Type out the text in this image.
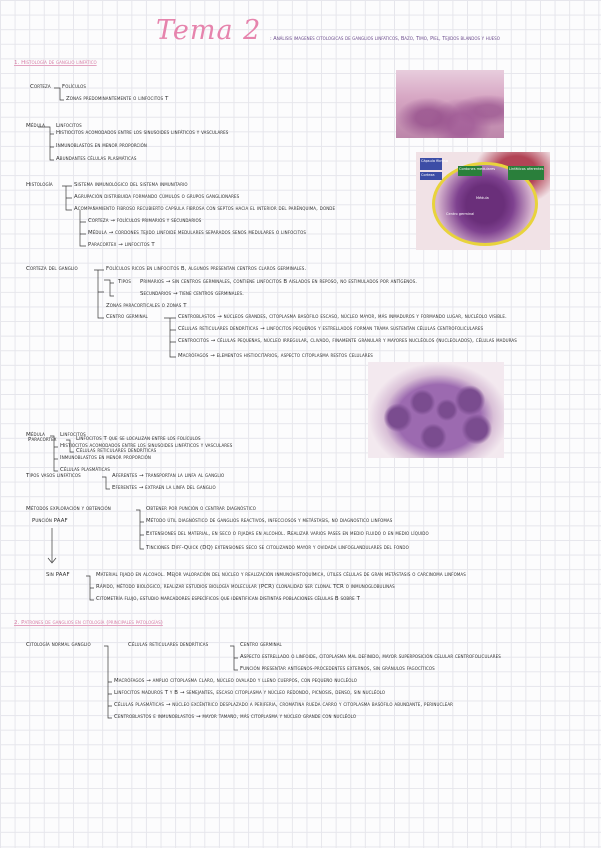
Tema 2 : Análisis imagenes citologicas de ganglios linfaticos, Bazo, Timo, Piel, Tejidos blandos y hueso
1. Histología de ganglio linfático
Corteza Folículos
Zonas predominantemente o linfocitos T
Médula Linfocitos
Histiocitos acomodados entre los sinusoides linfáticos y vasculares
Inmunoblastos en menor proporción
Abundantes células plasmáticas
Histología	Sistema inmunológico del sistema inmunitario
Agrupación distribuida formando cúmulos o grupos ganglionares
Acompañamiento fibroso recubierto capsula fibrosa con septos hacia el interior del parénquima, donde
Corteza → folículos primarios y secundarios
Médula → cordones tejido linfoide medulares separados senos medulares o linfocitos
Paracortex → linfocitos T
Cápsula fibrosa
Corteza
Cordones medulares	Linfáticos aferentes
Médula
Centro germinal
Corteza del ganglio	Folículos ricos en linfocitos B, algunos presentan centros claros germinales.
Tipos Primarios → sin centros germinales, contiene linfocitos B aislados en reposo, no estimulados por antígenos.
Secundarios → tiene centros germinales.
Zonas paracorticales o zonas T
Centro germinal	Centroblastos → núcleos grandes, citoplasma basófilo escaso, núcleo mayor, más inmaduros y formando lugar, nucléolo visible.
Células reticulares dendríticas → linfocitos pequeños y estrellados forman trama sustentan células centrofoliculares
Centrocitos → células pequeñas, núcleo irregular, clivado, finamente granular y mayores nucléolos (nucleolados), células maduras
Macrófagos → elementos histiocitarios, aspecto citoplasma restos celulares
Médula	Linfocitos
Histiocitos acomodados entre los sinusoides linfáticos y vasculares
Inmunoblastos en menor proporción
Células plasmáticas
Paracortex	Linfocitos T que se localizan entre los folículos
Células reticulares dendríticas
Tipos vasos linfáticos	Aferentes → transportan la linfa al ganglio
Eferentes → extraen la linfa del ganglio
Métodos exploración y obtención
Punción PAAF
Obtener por punción o centrar diagnóstico
Método útil diagnóstico de ganglios reactivos, infecciosos y metástasis, no diagnostico linfomas
Extensiones del material, en seco o fijadas en alcohol. Realizar varios pases en medio fluido o en medio líquido
Tinciones Diff-Quick (DQ) extensiones seco se citolizando mayor y ovidada linfoglandulares del fondo
Sin PAAF	Material fijado en alcohol. Mejor valoración del núcleo y realización inmunohistoquímica, útiles células de gran metástasis o carcinoma linfomas
Rápido, método biológico, realizar estudios biología molecular (PCR) clonalidad ser clonal TCR o inmunoglobulinas
Citometría flujo, estudio marcadores específicos que identifican distintas poblaciones células B sobre T
2. Patrones de ganglios en citología (principales patologías)
Citología normal ganglio	Células reticulares dendríticas	Centro germinal
Aspecto estrellado o linfoide, citoplasma mal definido, mayor superposición celular centrofoliculares
Función presentar antígenos-procedentes externos, sin gránulos fagocíticos
Macrófagos → amplio citoplasma claro, núcleo ovalado y lleno cuerpos, con pequeño nucléolo
Linfocitos maduros T y B → semejantes, escaso citoplasma y núcleo redondo, picnosis, denso, sin nucléolo
Células plasmáticas → núcleo excéntrico desplazado a periferia, cromatina rueda carro y citoplasma basófilo abundante, perinuclear
Centroblastos e inmunoblastos → mayor tamaño, más citoplasma y núcleo grande con nucléolo
